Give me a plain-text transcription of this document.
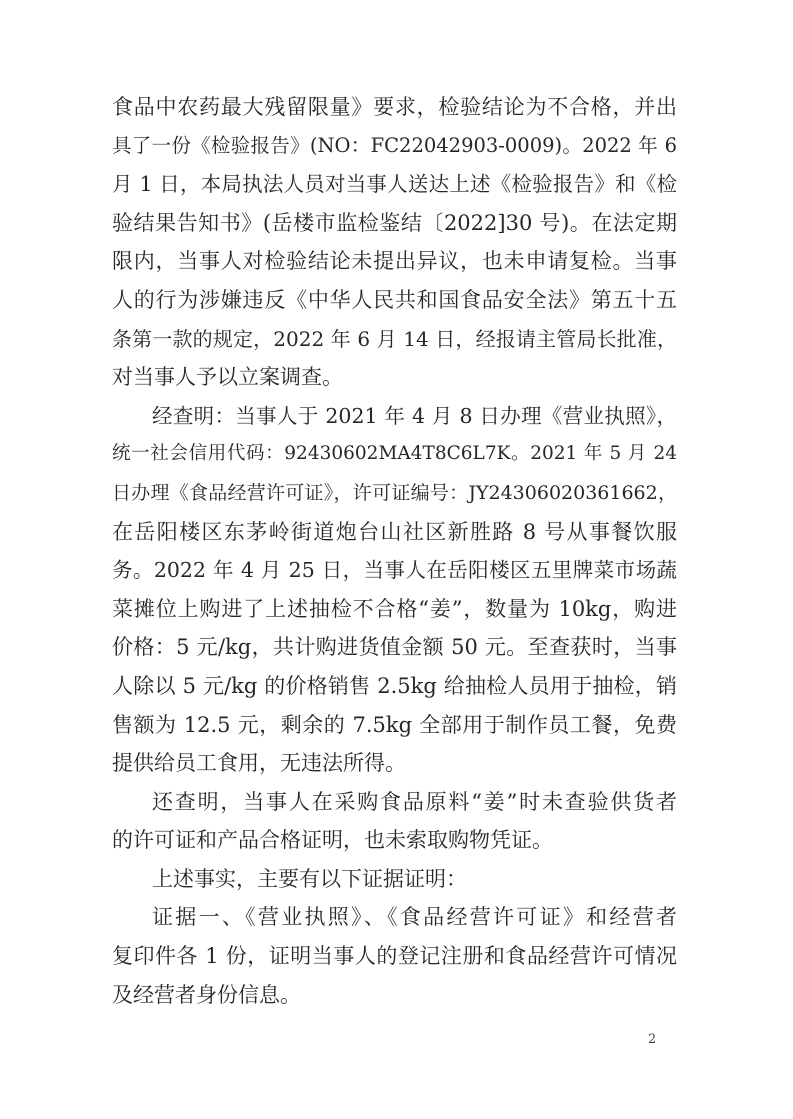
食品中农药最大残留限量》要求，检验结论为不合格，并出
具了一份《检验报告》(NO：FC22042903-0009)。2022 年 6
月 1 日，本局执法人员对当事人送达上述《检验报告》和《检
验结果告知书》(岳楼市监检鉴结〔2022]30 号)。在法定期
限内，当事人对检验结论未提出异议，也未申请复检。当事
人的行为涉嫌违反《中华人民共和国食品安全法》第五十五
条第一款的规定，2022 年 6 月 14 日，经报请主管局长批准，
对当事人予以立案调查。
经查明：当事人于 2021 年 4 月 8 日办理《营业执照》，
统一社会信用代码：92430602MA4T8C6L7K。2021 年 5 月 24
日办理《食品经营许可证》，许可证编号：JY24306020361662，
在岳阳楼区东茅岭街道炮台山社区新胜路 8 号从事餐饮服
务。2022 年 4 月 25 日，当事人在岳阳楼区五里牌菜市场蔬
菜摊位上购进了上述抽检不合格“姜”，数量为 10kg，购进
价格：5 元/kg，共计购进货值金额 50 元。至查获时，当事
人除以 5 元/kg 的价格销售 2.5kg 给抽检人员用于抽检，销
售额为 12.5 元，剩余的 7.5kg 全部用于制作员工餐，免费
提供给员工食用，无违法所得。
还查明，当事人在采购食品原料“姜”时未查验供货者
的许可证和产品合格证明，也未索取购物凭证。
上述事实，主要有以下证据证明：
证据一、《营业执照》、《食品经营许可证》和经营者
复印件各 1 份，证明当事人的登记注册和食品经营许可情况
及经营者身份信息。
2
